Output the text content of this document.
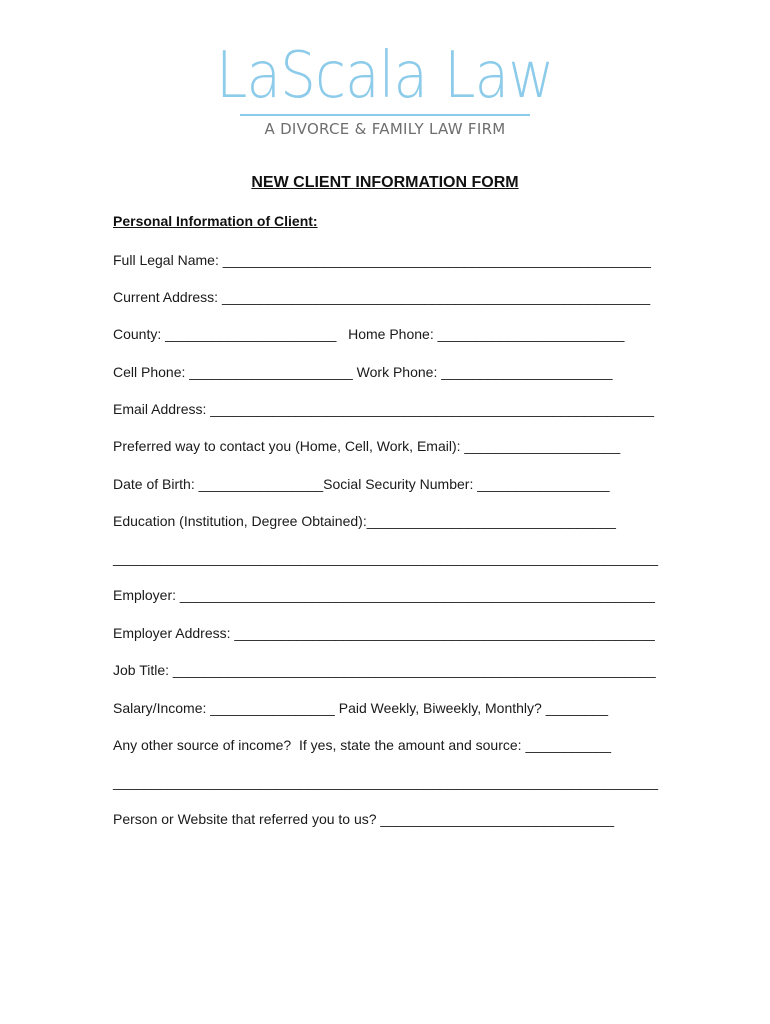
LaScala Law
A DIVORCE & FAMILY LAW FIRM
NEW CLIENT INFORMATION FORM
Personal Information of Client:
Full Legal Name: _______________________________________________________
Current Address: _______________________________________________________
County: ______________________   Home Phone: ________________________
Cell Phone: _____________________ Work Phone: ______________________
Email Address: _________________________________________________________
Preferred way to contact you (Home, Cell, Work, Email): ____________________
Date of Birth: ________________Social Security Number: _________________
Education (Institution, Degree Obtained):________________________________
______________________________________________________________________
Employer: _____________________________________________________________
Employer Address: ______________________________________________________
Job Title: ______________________________________________________________
Salary/Income: ________________ Paid Weekly, Biweekly, Monthly? ________
Any other source of income?  If yes, state the amount and source: ___________
______________________________________________________________________
Person or Website that referred you to us? ______________________________
